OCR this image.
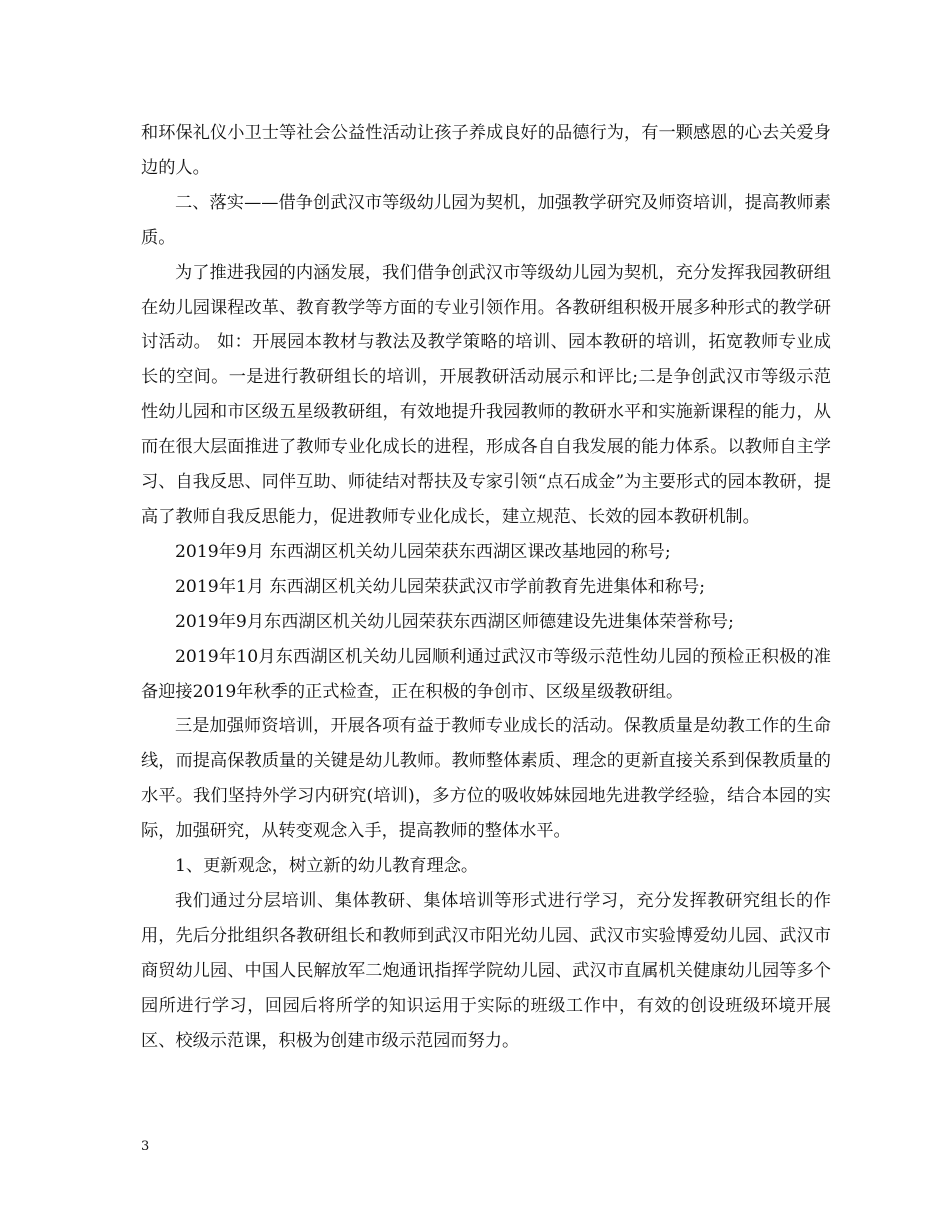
和环保礼仪小卫士等社会公益性活动让孩子养成良好的品德行为，有一颗感恩的心去关爱身边的人。

二、落实——借争创武汉市等级幼儿园为契机，加强教学研究及师资培训，提高教师素质。

为了推进我园的内涵发展，我们借争创武汉市等级幼儿园为契机，充分发挥我园教研组在幼儿园课程改革、教育教学等方面的专业引领作用。各教研组积极开展多种形式的教学研讨活动。 如：开展园本教材与教法及教学策略的培训、园本教研的培训，拓宽教师专业成长的空间。一是进行教研组长的培训，开展教研活动展示和评比;二是争创武汉市等级示范性幼儿园和市区级五星级教研组，有效地提升我园教师的教研水平和实施新课程的能力，从而在很大层面推进了教师专业化成长的进程，形成各自自我发展的能力体系。以教师自主学习、自我反思、同伴互助、师徒结对帮扶及专家引领“点石成金”为主要形式的园本教研，提高了教师自我反思能力，促进教师专业化成长，建立规范、长效的园本教研机制。

2019年9月 东西湖区机关幼儿园荣获东西湖区课改基地园的称号;

2019年1月 东西湖区机关幼儿园荣获武汉市学前教育先进集体和称号;

2019年9月东西湖区机关幼儿园荣获东西湖区师德建设先进集体荣誉称号;

2019年10月东西湖区机关幼儿园顺利通过武汉市等级示范性幼儿园的预检正积极的准备迎接2019年秋季的正式检查，正在积极的争创市、区级星级教研组。

三是加强师资培训，开展各项有益于教师专业成长的活动。保教质量是幼教工作的生命线，而提高保教质量的关键是幼儿教师。教师整体素质、理念的更新直接关系到保教质量的水平。我们坚持外学习内研究(培训)，多方位的吸收姊妹园地先进教学经验，结合本园的实际，加强研究，从转变观念入手，提高教师的整体水平。

1、更新观念，树立新的幼儿教育理念。

我们通过分层培训、集体教研、集体培训等形式进行学习，充分发挥教研究组长的作用，先后分批组织各教研组长和教师到武汉市阳光幼儿园、武汉市实验博爱幼儿园、武汉市商贸幼儿园、中国人民解放军二炮通讯指挥学院幼儿园、武汉市直属机关健康幼儿园等多个园所进行学习，回园后将所学的知识运用于实际的班级工作中，有效的创设班级环境开展区、校级示范课，积极为创建市级示范园而努力。

3
